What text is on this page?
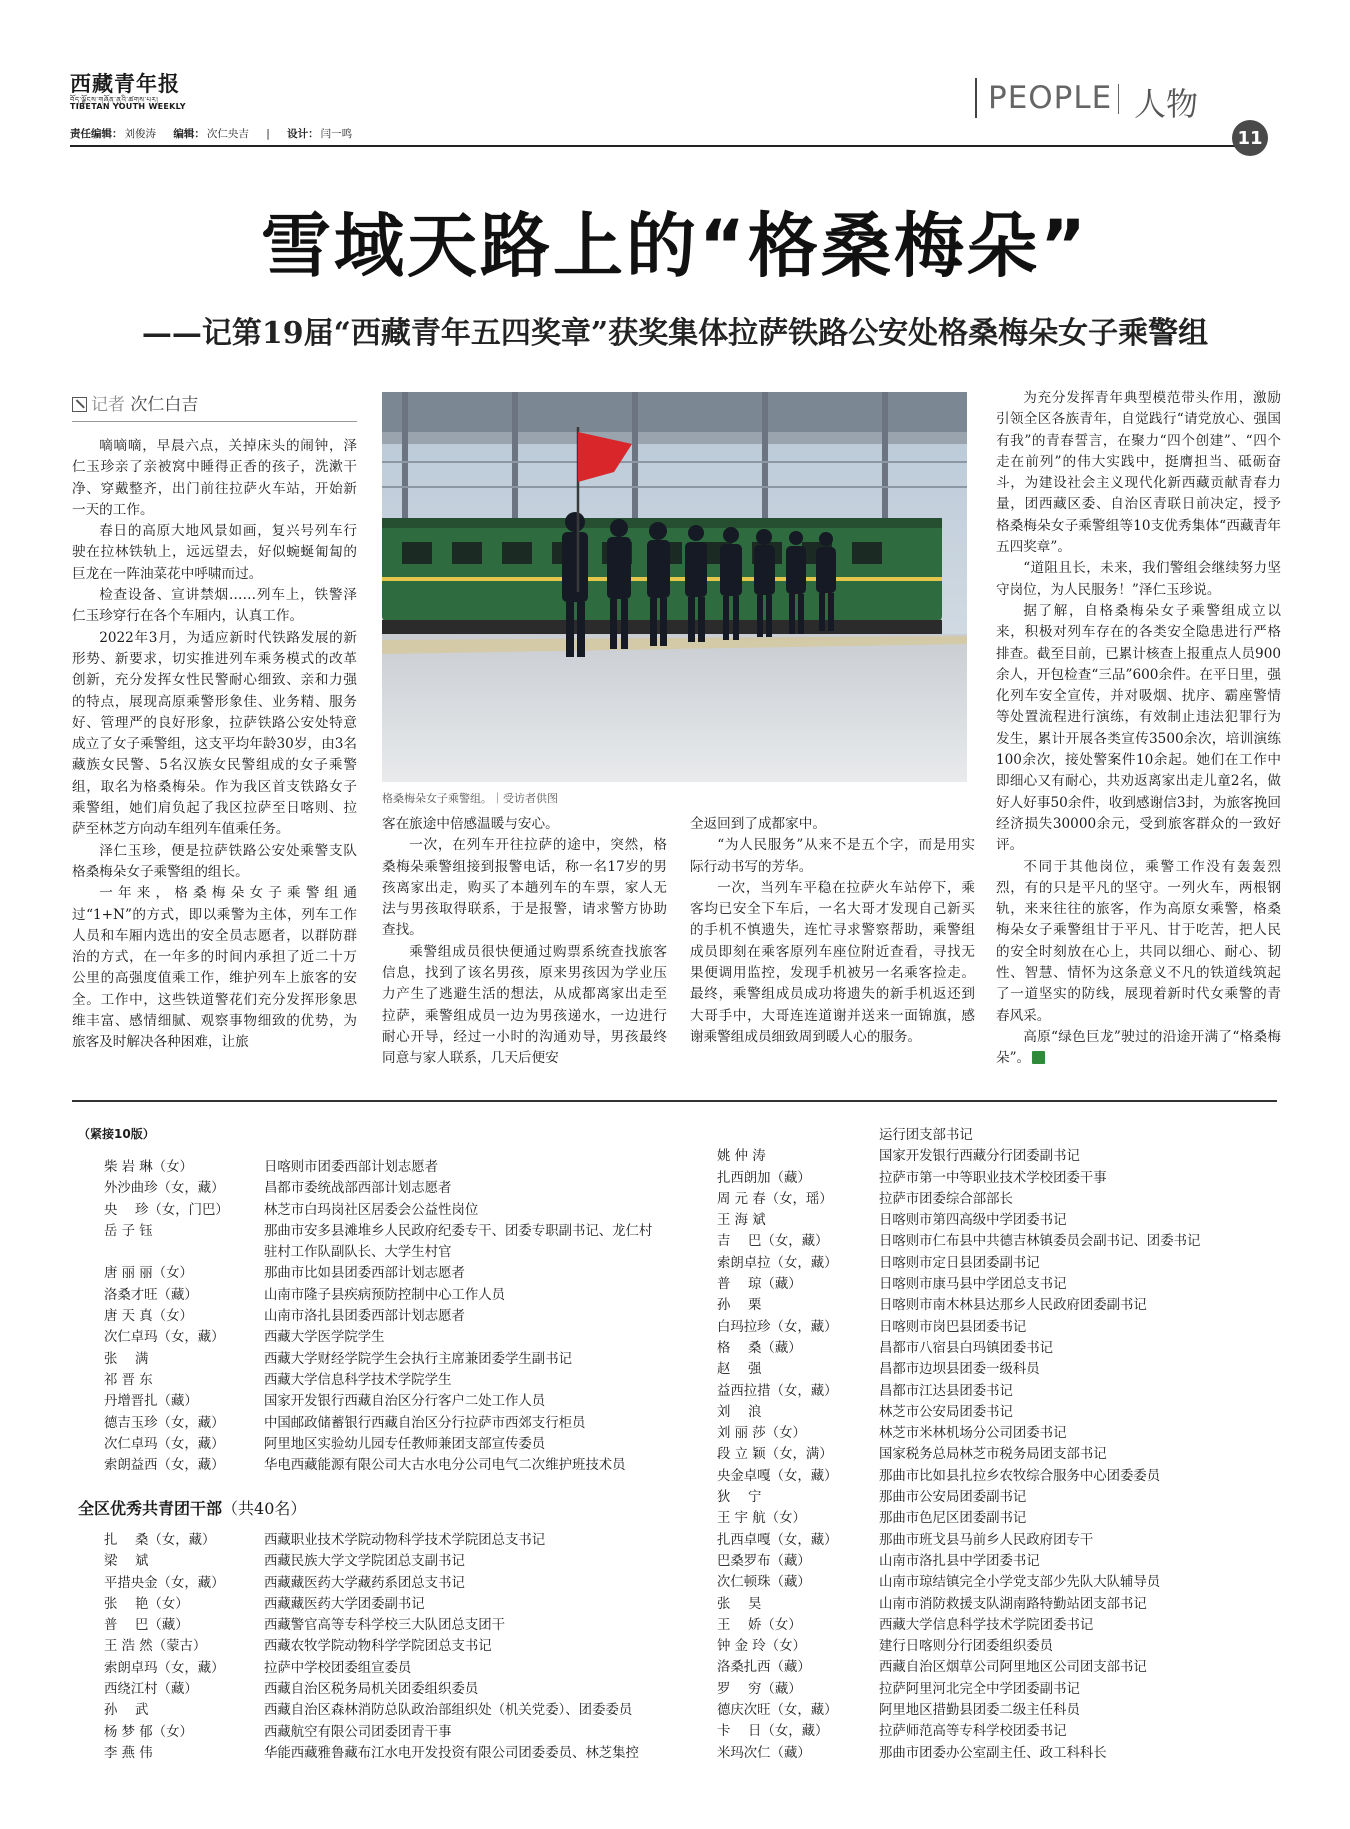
西藏青年报
བོད་ལྗོངས་གཞོན་ནུའི་ཚགས་པར།
TIBETAN YOUTH WEEKLY
责任编辑： 刘俊涛 编辑： 次仁央吉 | 设计： 闫一鸣
PEOPLE 人物
11
雪域天路上的“格桑梅朵”
——记第19届“西藏青年五四奖章”获奖集体拉萨铁路公安处格桑梅朵女子乘警组
记者 次仁白吉

嘀嘀嘀，早晨六点，关掉床头的闹钟，泽仁玉珍亲了亲被窝中睡得正香的孩子，洗漱干净、穿戴整齐，出门前往拉萨火车站，开始新一天的工作。

春日的高原大地风景如画，复兴号列车行驶在拉林铁轨上，远远望去，好似蜿蜒匍匐的巨龙在一阵油菜花中呼啸而过。

检查设备、宣讲禁烟……列车上，铁警泽仁玉珍穿行在各个车厢内，认真工作。

2022年3月，为适应新时代铁路发展的新形势、新要求，切实推进列车乘务模式的改革创新，充分发挥女性民警耐心细致、亲和力强的特点，展现高原乘警形象佳、业务精、服务好、管理严的良好形象，拉萨铁路公安处特意成立了女子乘警组，这支平均年龄30岁，由3名藏族女民警、5名汉族女民警组成的女子乘警组，取名为格桑梅朵。作为我区首支铁路女子乘警组，她们肩负起了我区拉萨至日喀则、拉萨至林芝方向动车组列车值乘任务。

泽仁玉珍，便是拉萨铁路公安处乘警支队格桑梅朵女子乘警组的组长。

一年来，格桑梅朵女子乘警组通过“1+N”的方式，即以乘警为主体，列车工作人员和车厢内选出的安全员志愿者，以群防群治的方式，在一年多的时间内承担了近二十万公里的高强度值乘工作，维护列车上旅客的安全。工作中，这些铁道警花们充分发挥形象思维丰富、感情细腻、观察事物细致的优势，为旅客及时解决各种困难，让旅

格桑梅朵女子乘警组。｜受访者供图

客在旅途中倍感温暖与安心。

一次，在列车开往拉萨的途中，突然，格桑梅朵乘警组接到报警电话，称一名17岁的男孩离家出走，购买了本趟列车的车票，家人无法与男孩取得联系，于是报警，请求警方协助查找。

乘警组成员很快便通过购票系统查找旅客信息，找到了该名男孩，原来男孩因为学业压力产生了逃避生活的想法，从成都离家出走至拉萨，乘警组成员一边为男孩递水，一边进行耐心开导，经过一小时的沟通劝导，男孩最终同意与家人联系，几天后便安

全返回到了成都家中。

“为人民服务”从来不是五个字，而是用实际行动书写的芳华。

一次，当列车平稳在拉萨火车站停下，乘客均已安全下车后，一名大哥才发现自己新买的手机不慎遗失，连忙寻求警察帮助，乘警组成员即刻在乘客原列车座位附近查看，寻找无果便调用监控，发现手机被另一名乘客捡走。最终，乘警组成员成功将遗失的新手机返还到大哥手中，大哥连连道谢并送来一面锦旗，感谢乘警组成员细致周到暖人心的服务。

为充分发挥青年典型模范带头作用，激励引领全区各族青年，自觉践行“请党放心、强国有我”的青春誓言，在聚力“四个创建”、“四个走在前列”的伟大实践中，挺膺担当、砥砺奋斗，为建设社会主义现代化新西藏贡献青春力量，团西藏区委、自治区青联日前决定，授予格桑梅朵女子乘警组等10支优秀集体“西藏青年五四奖章”。

“道阻且长，未来，我们警组会继续努力坚守岗位，为人民服务！”泽仁玉珍说。

据了解，自格桑梅朵女子乘警组成立以来，积极对列车存在的各类安全隐患进行严格排查。截至目前，已累计核查上报重点人员900余人，开包检查“三品”600余件。在平日里，强化列车安全宣传，并对吸烟、扰序、霸座警情等处置流程进行演练，有效制止违法犯罪行为发生，累计开展各类宣传3500余次，培训演练100余次，接处警案件10余起。她们在工作中即细心又有耐心，共劝返离家出走儿童2名，做好人好事50余件，收到感谢信3封，为旅客挽回经济损失30000余元，受到旅客群众的一致好评。

不同于其他岗位，乘警工作没有轰轰烈烈，有的只是平凡的坚守。一列火车，两根钢轨，来来往往的旅客，作为高原女乘警，格桑梅朵女子乘警组甘于平凡、甘于吃苦，把人民的安全时刻放在心上，共同以细心、耐心、韧性、智慧、情怀为这条意义不凡的铁道线筑起了一道坚实的防线，展现着新时代女乘警的青春风采。

高原“绿色巨龙”驶过的沿途开满了“格桑梅朵”。

（紧接10版）
柴 岩 琳（女）	日喀则市团委西部计划志愿者
外沙曲珍（女，藏）	昌都市委统战部西部计划志愿者
央　 珍（女，门巴）	林芝市白玛岗社区居委会公益性岗位
岳 子 钰	那曲市安多县滩堆乡人民政府纪委专干、团委专职副书记、龙仁村驻村工作队副队长、大学生村官
唐 丽 丽（女）	那曲市比如县团委西部计划志愿者
洛桑才旺（藏）	山南市隆子县疾病预防控制中心工作人员
唐 天 真（女）	山南市洛扎县团委西部计划志愿者
次仁卓玛（女，藏）	西藏大学医学院学生
张　 满	西藏大学财经学院学生会执行主席兼团委学生副书记
祁 晋 东	西藏大学信息科学技术学院学生
丹增晋扎（藏）	国家开发银行西藏自治区分行客户二处工作人员
德吉玉珍（女，藏）	中国邮政储蓄银行西藏自治区分行拉萨市西郊支行柜员
次仁卓玛（女，藏）	阿里地区实验幼儿园专任教师兼团支部宣传委员
索朗益西（女，藏）	华电西藏能源有限公司大古水电分公司电气二次维护班技术员
全区优秀共青团干部（共40名）
扎　 桑（女，藏）	西藏职业技术学院动物科学技术学院团总支书记
梁　 斌	西藏民族大学文学院团总支副书记
平措央金（女，藏）	西藏藏医药大学藏药系团总支书记
张　 艳（女）	西藏藏医药大学团委副书记
普　 巴（藏）	西藏警官高等专科学校三大队团总支团干
王 浩 然（蒙古）	西藏农牧学院动物科学学院团总支书记
索朗卓玛（女，藏）	拉萨中学校团委组宣委员
西绕江村（藏）	西藏自治区税务局机关团委组织委员
孙　 武	西藏自治区森林消防总队政治部组织处（机关党委）、团委委员
杨 梦 郁（女）	西藏航空有限公司团委团青干事
李 燕 伟	华能西藏雅鲁藏布江水电开发投资有限公司团委委员、林芝集控
运行团支部书记
姚 仲 涛	国家开发银行西藏分行团委副书记
扎西朗加（藏）	拉萨市第一中等职业技术学校团委干事
周 元 春（女，瑶）	拉萨市团委综合部部长
王 海 斌	日喀则市第四高级中学团委书记
吉　 巴（女，藏）	日喀则市仁布县中共德吉林镇委员会副书记、团委书记
索朗卓拉（女，藏）	日喀则市定日县团委副书记
普　 琼（藏）	日喀则市康马县中学团总支书记
孙　 栗	日喀则市南木林县达那乡人民政府团委副书记
白玛拉珍（女，藏）	日喀则市岗巴县团委书记
格　 桑（藏）	昌都市八宿县白玛镇团委书记
赵　 强	昌都市边坝县团委一级科员
益西拉措（女，藏）	昌都市江达县团委书记
刘　 浪	林芝市公安局团委书记
刘 丽 莎（女）	林芝市米林机场分公司团委书记
段 立 颖（女，满）	国家税务总局林芝市税务局团支部书记
央金卓嘎（女，藏）	那曲市比如县扎拉乡农牧综合服务中心团委委员
狄　 宁	那曲市公安局团委副书记
王 宇 航（女）	那曲市色尼区团委副书记
扎西卓嘎（女，藏）	那曲市班戈县马前乡人民政府团专干
巴桑罗布（藏）	山南市洛扎县中学团委书记
次仁顿珠（藏）	山南市琼结镇完全小学党支部少先队大队辅导员
张　 昊	山南市消防救援支队湖南路特勤站团支部书记
王　 娇（女）	西藏大学信息科学技术学院团委书记
钟 金 玲（女）	建行日喀则分行团委组织委员
洛桑扎西（藏）	西藏自治区烟草公司阿里地区公司团支部书记
罗　 穷（藏）	拉萨阿里河北完全中学团委副书记
德庆次旺（女，藏）	阿里地区措勤县团委二级主任科员
卡　 日（女，藏）	拉萨师范高等专科学校团委书记
米玛次仁（藏）	那曲市团委办公室副主任、政工科科长
